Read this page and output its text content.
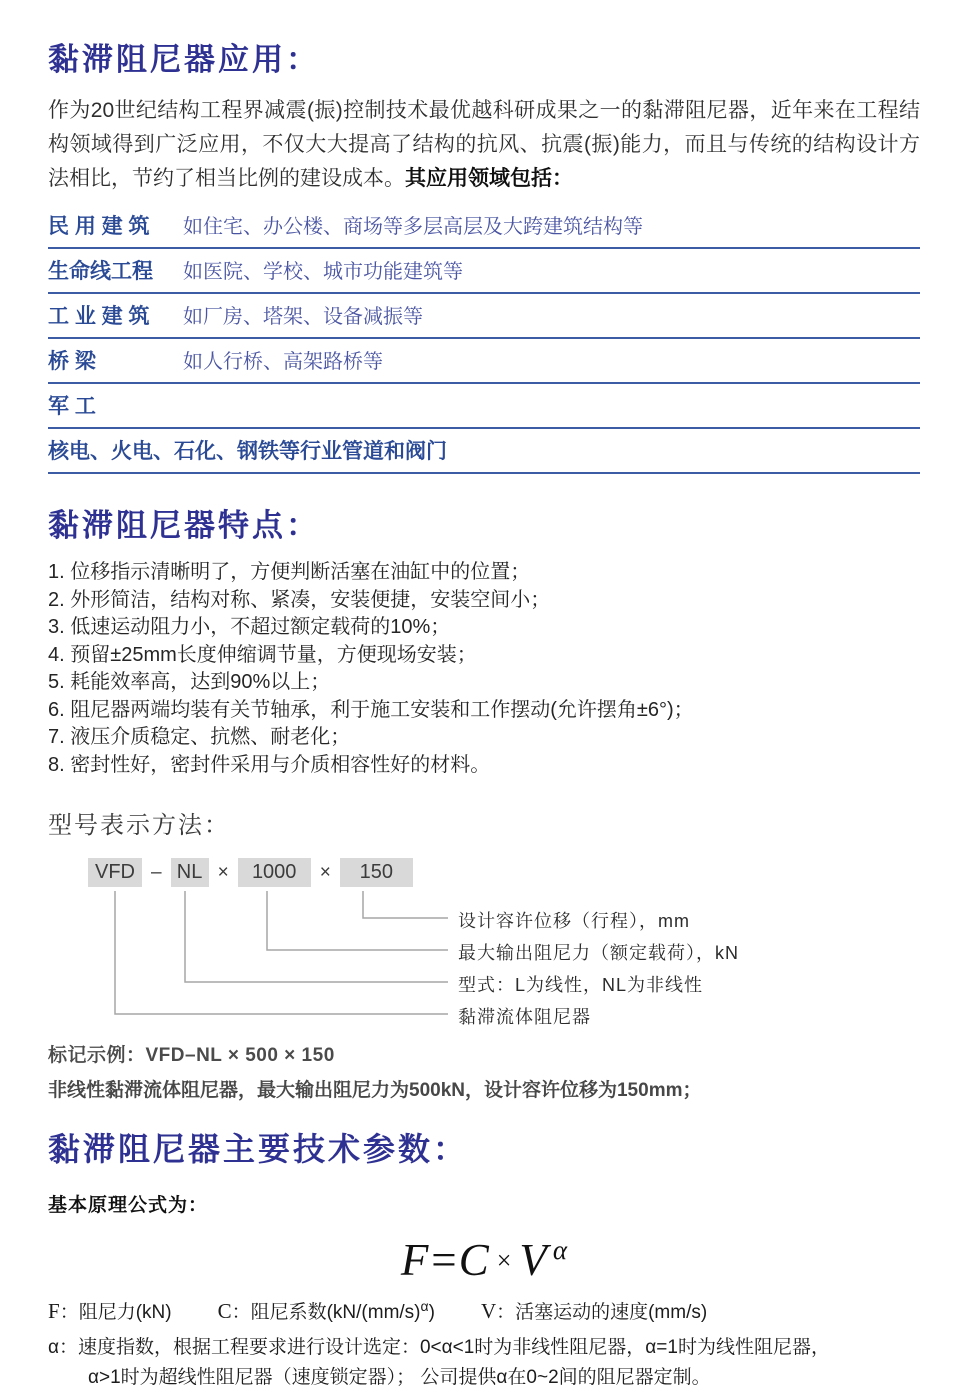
黏滞阻尼器应用：

作为20世纪结构工程界减震(振)控制技术最优越科研成果之一的黏滞阻尼器，近年来在工程结构领域得到广泛应用，不仅大大提高了结构的抗风、抗震(振)能力，而且与传统的结构设计方法相比，节约了相当比例的建设成本。其应用领域包括：

民 用 建 筑	如住宅、办公楼、商场等多层高层及大跨建筑结构等
生命线工程	如医院、学校、城市功能建筑等
工 业 建 筑	如厂房、塔架、设备减振等
桥 梁	如人行桥、高架路桥等
军 工
核电、火电、石化、钢铁等行业管道和阀门
黏滞阻尼器特点：
1. 位移指示清晰明了，方便判断活塞在油缸中的位置；
2. 外形简洁，结构对称、紧凑，安装便捷，安装空间小；
3. 低速运动阻力小，不超过额定载荷的10%；
4. 预留±25mm长度伸缩调节量，方便现场安装；
5. 耗能效率高，达到90%以上；
6. 阻尼器两端均装有关节轴承，利于施工安装和工作摆动(允许摆角±6°)；
7. 液压介质稳定、抗燃、耐老化；
8. 密封性好，密封件采用与介质相容性好的材料。
型号表示方法：
VFD – NL ×	1000	×	150
设计容许位移（行程），mm
最大输出阻尼力（额定载荷），kN
型式：L为线性，NL为非线性
黏滞流体阻尼器
标记示例：VFD–NL × 500 × 150
非线性黏滞流体阻尼器，最大输出阻尼力为500kN，设计容许位移为150mm；
黏滞阻尼器主要技术参数：
基本原理公式为：
F=C × V α
F：阻尼力(kN) C：阻尼系数$(kN/(mm/s)^\alpha)$ V：活塞运动的速度(mm/s)
α：速度指数，根据工程要求进行设计选定：0<α<1时为非线性阻尼器，α=1时为线性阻尼器，
α>1时为超线性阻尼器（速度锁定器）； 公司提供α在0~2间的阻尼器定制。
